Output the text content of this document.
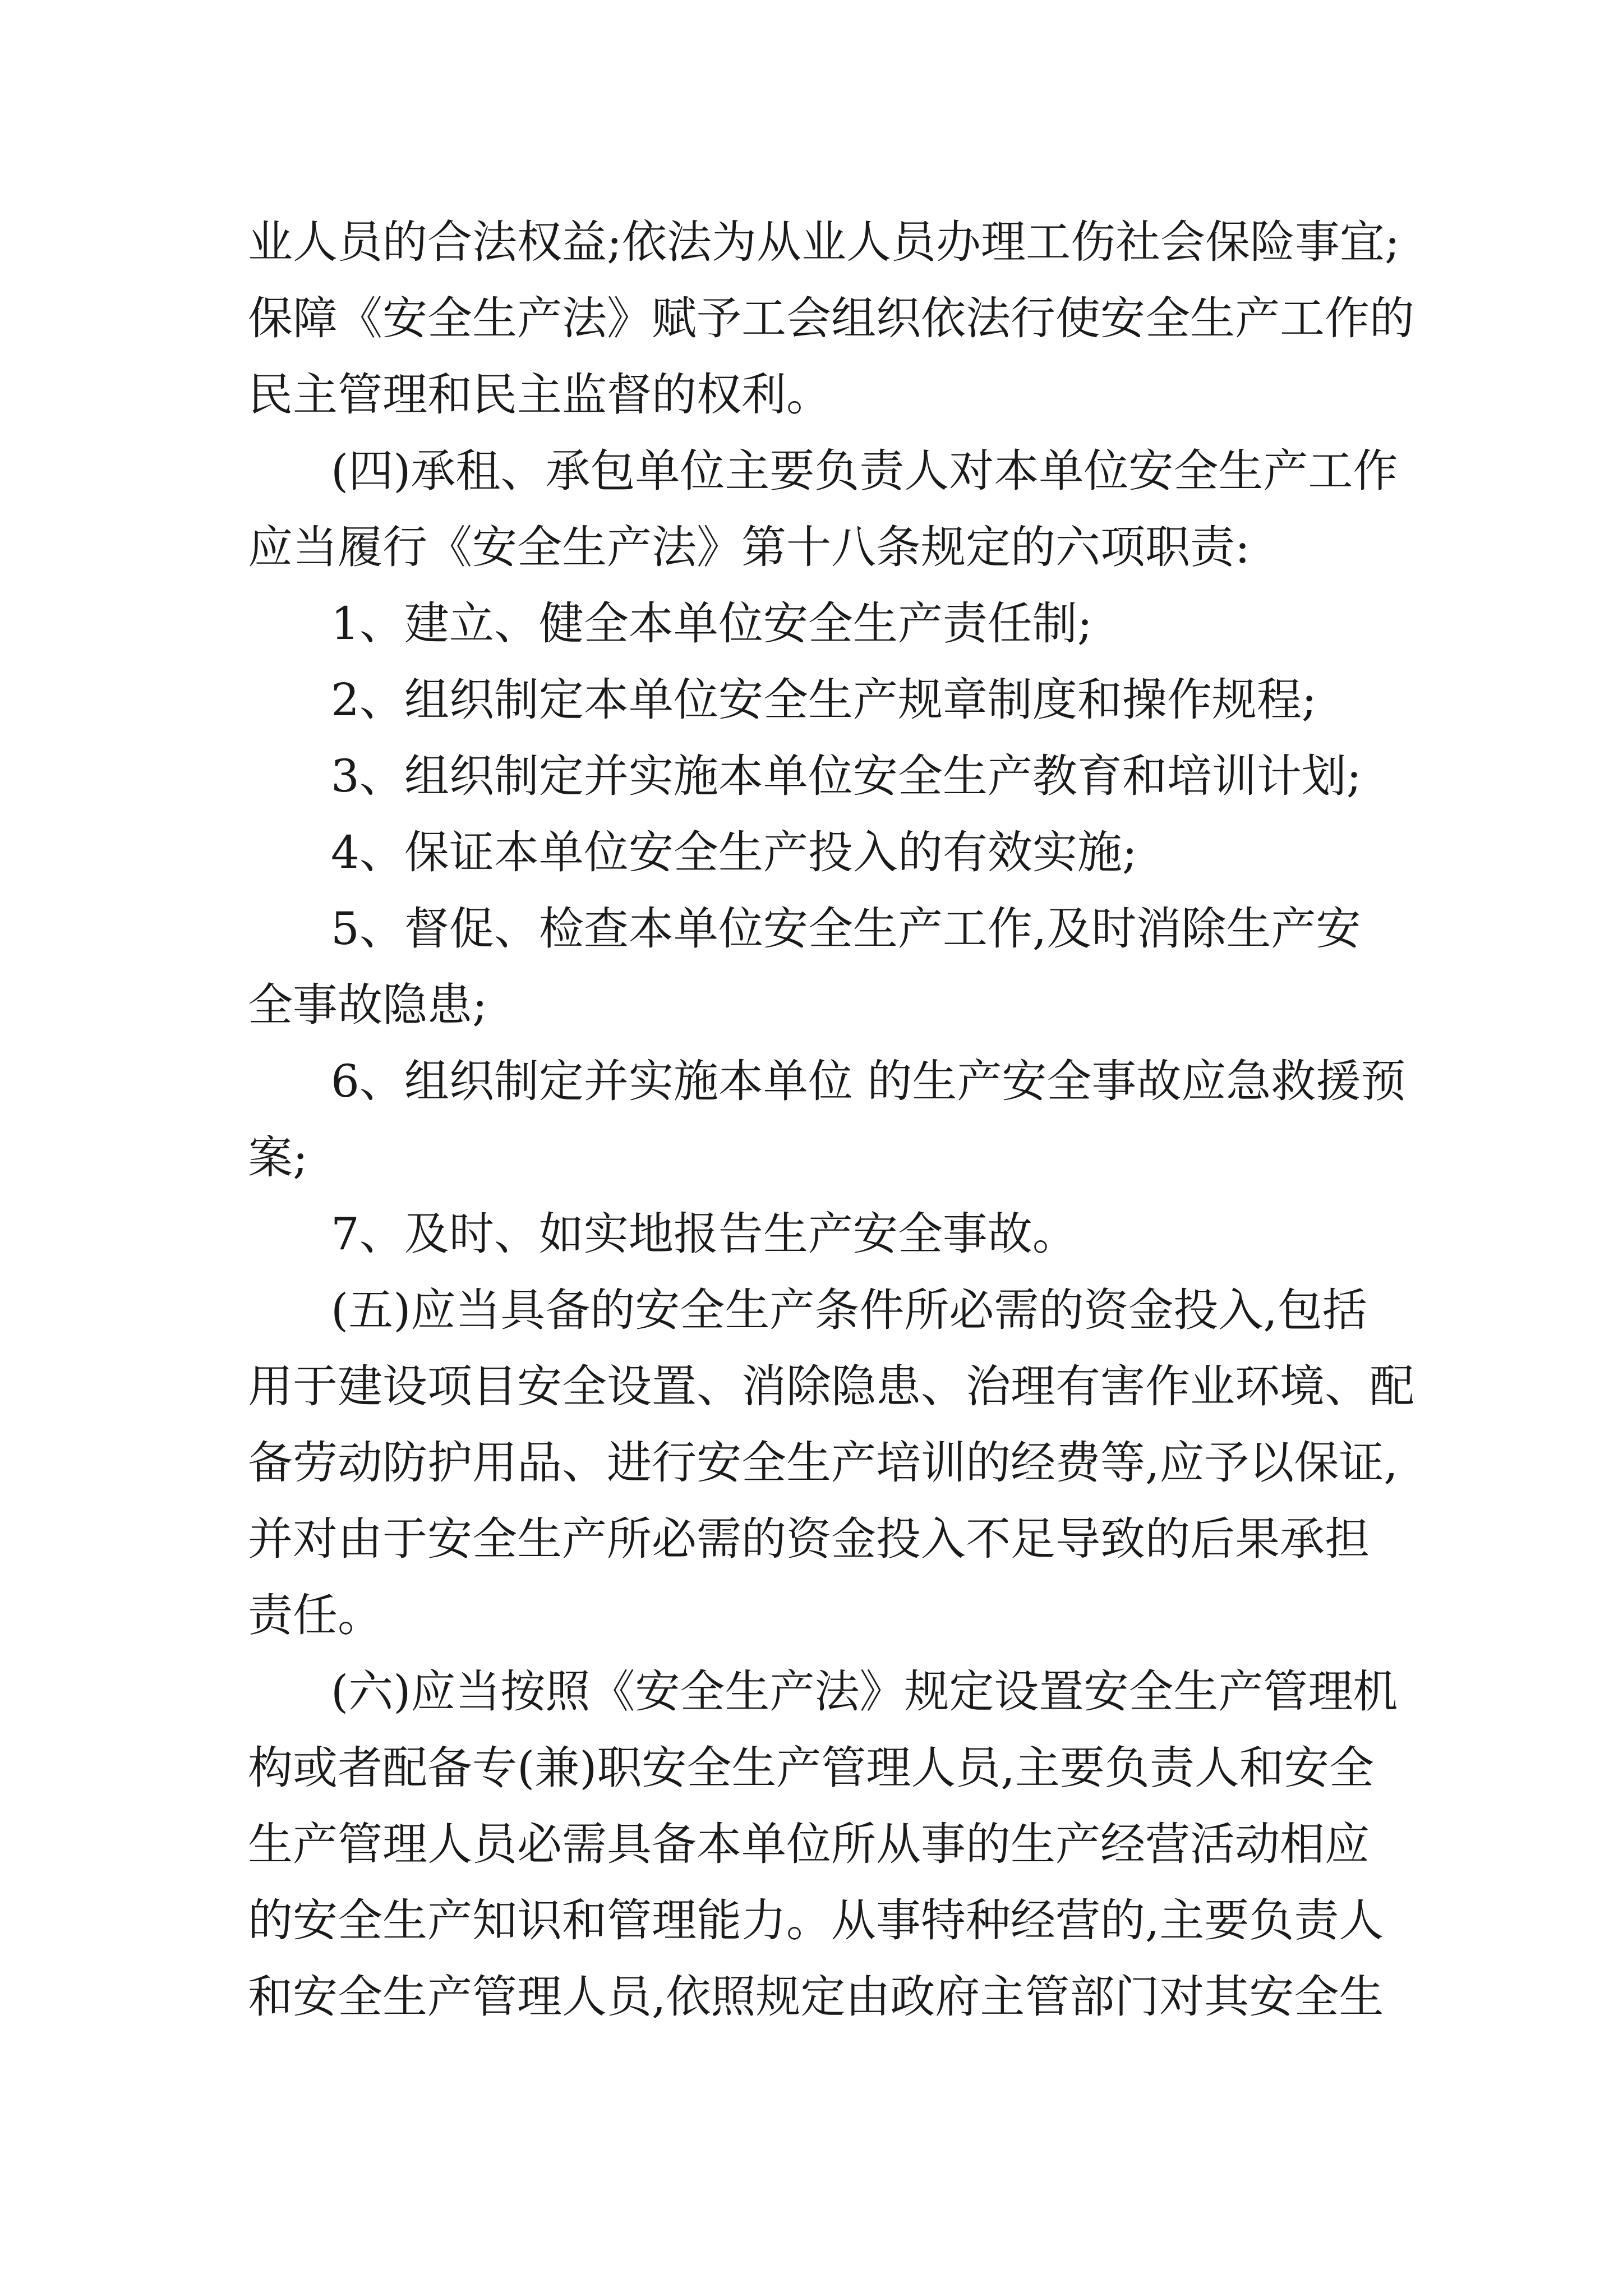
业人员的合法权益;依法为从业人员办理工伤社会保险事宜;

保障《安全生产法》赋予工会组织依法行使安全生产工作的

民主管理和民主监督的权利。

(四)承租、承包单位主要负责人对本单位安全生产工作

应当履行《安全生产法》第十八条规定的六项职责:

1、建立、健全本单位安全生产责任制;

2、组织制定本单位安全生产规章制度和操作规程;

3、组织制定并实施本单位安全生产教育和培训计划;

4、保证本单位安全生产投入的有效实施;

5、督促、检查本单位安全生产工作,及时消除生产安

全事故隐患;

6、组织制定并实施本单位 的生产安全事故应急救援预

案;

7、及时、如实地报告生产安全事故。

(五)应当具备的安全生产条件所必需的资金投入,包括

用于建设项目安全设置、消除隐患、治理有害作业环境、配

备劳动防护用品、进行安全生产培训的经费等,应予以保证,

并对由于安全生产所必需的资金投入不足导致的后果承担

责任。

(六)应当按照《安全生产法》规定设置安全生产管理机

构或者配备专(兼)职安全生产管理人员,主要负责人和安全

生产管理人员必需具备本单位所从事的生产经营活动相应

的安全生产知识和管理能力。从事特种经营的,主要负责人

和安全生产管理人员,依照规定由政府主管部门对其安全生
